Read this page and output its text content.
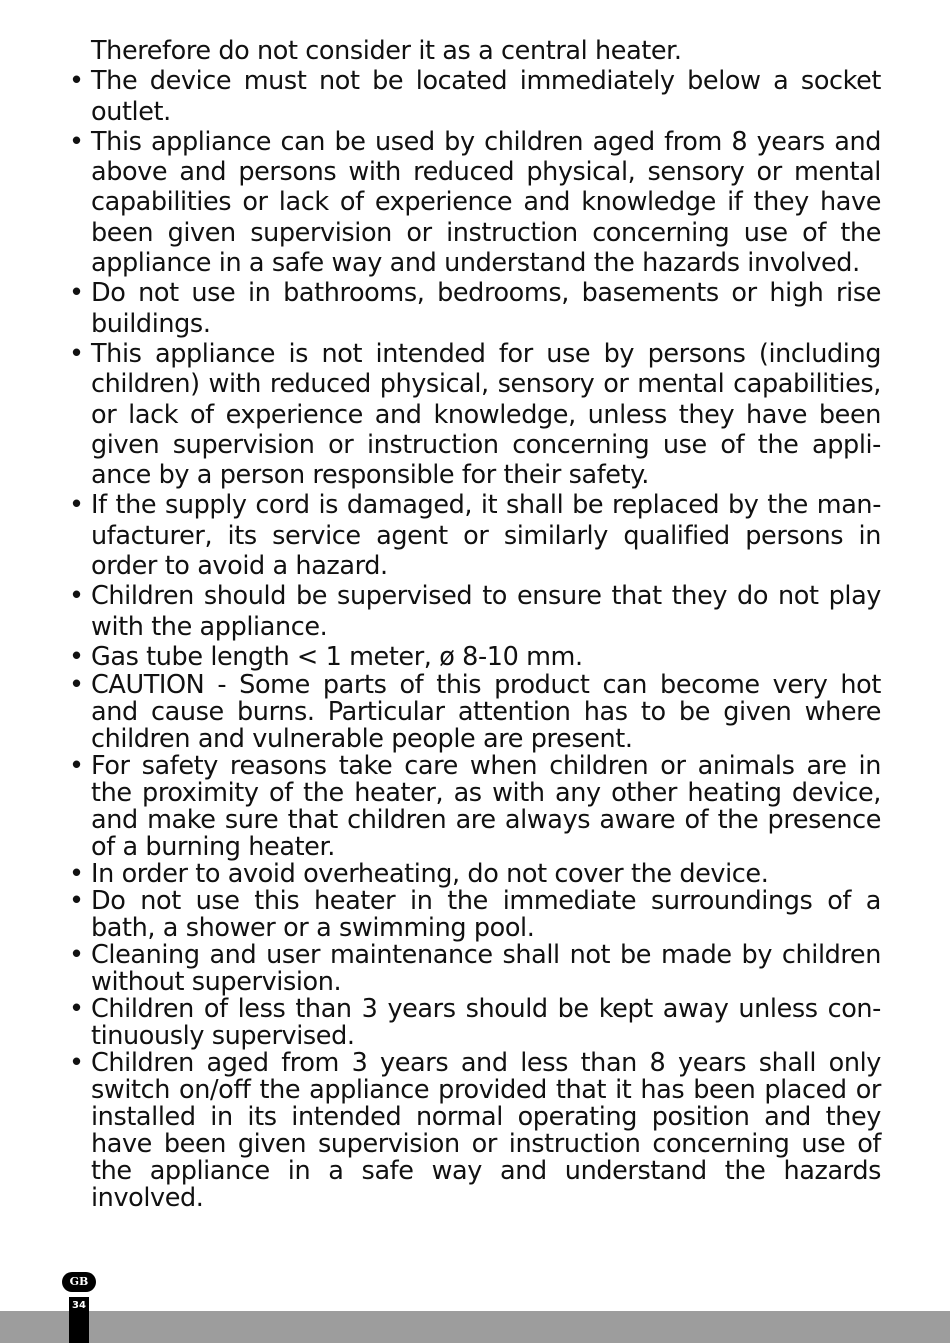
Therefore do not consider it as a central heater.

• The device must not be located immediately below a socket outlet.
• This appliance can be used by children aged from 8 years and above and persons with reduced physical, sensory or mental capabilities or lack of experience and knowledge if they have been given supervision or instruction concerning use of the appliance in a safe way and understand the hazards involved.
• Do not use in bathrooms, bedrooms, basements or high rise buildings.
• This appliance is not intended for use by persons (including children) with reduced physical, sensory or mental capabilities, or lack of experience and knowledge, unless they have been given supervision or instruction concerning use of the appli-ance by a person responsible for their safety.
• If the supply cord is damaged, it shall be replaced by the man-ufacturer, its service agent or similarly qualified persons in order to avoid a hazard.
• Children should be supervised to ensure that they do not play with the appliance.
• Gas tube length < 1 meter, ø 8-10 mm.
• CAUTION - Some parts of this product can become very hot and cause burns. Particular attention has to be given where children and vulnerable people are present.
• For safety reasons take care when children or animals are in the proximity of the heater, as with any other heating device, and make sure that children are always aware of the presence of a burning heater.
• In order to avoid overheating, do not cover the device.
• Do not use this heater in the immediate surroundings of a bath, a shower or a swimming pool.
• Cleaning and user maintenance shall not be made by children without supervision.
• Children of less than 3 years should be kept away unless con-tinuously supervised.
• Children aged from 3 years and less than 8 years shall only switch on/off the appliance provided that it has been placed or installed in its intended normal operating position and they have been given supervision or instruction concerning use of the appliance in a safe way and understand the hazards involved.
GB
34
